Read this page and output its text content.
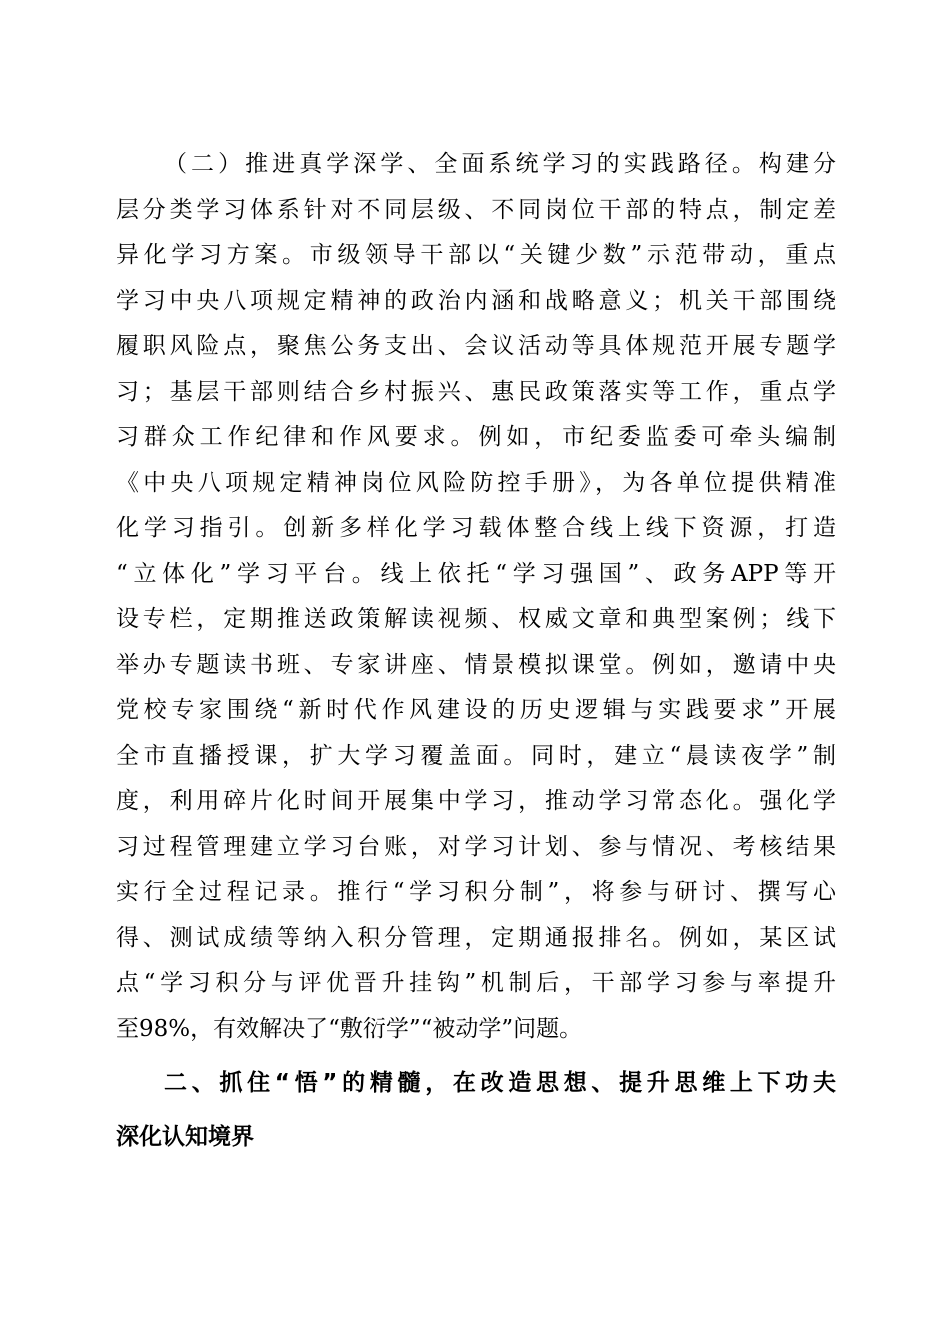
（二）推进真学深学、全面系统学习的实践路径。构建分
层分类学习体系针对不同层级、不同岗位干部的特点，制定差
异化学习方案。市级领导干部以“关键少数”示范带动，重点
学习中央八项规定精神的政治内涵和战略意义；机关干部围绕
履职风险点，聚焦公务支出、会议活动等具体规范开展专题学
习；基层干部则结合乡村振兴、惠民政策落实等工作，重点学
习群众工作纪律和作风要求。例如，市纪委监委可牵头编制
《中央八项规定精神岗位风险防控手册》，为各单位提供精准
化学习指引。创新多样化学习载体整合线上线下资源，打造
“立体化”学习平台。线上依托“学习强国”、政务APP等开
设专栏，定期推送政策解读视频、权威文章和典型案例；线下
举办专题读书班、专家讲座、情景模拟课堂。例如，邀请中央
党校专家围绕“新时代作风建设的历史逻辑与实践要求”开展
全市直播授课，扩大学习覆盖面。同时，建立“晨读夜学”制
度，利用碎片化时间开展集中学习，推动学习常态化。强化学
习过程管理建立学习台账，对学习计划、参与情况、考核结果
实行全过程记录。推行“学习积分制”，将参与研讨、撰写心
得、测试成绩等纳入积分管理，定期通报排名。例如，某区试
点“学习积分与评优晋升挂钩”机制后，干部学习参与率提升
至98%，有效解决了“敷衍学”“被动学”问题。
二、抓住“悟”的精髓，在改造思想、提升思维上下功夫
深化认知境界
